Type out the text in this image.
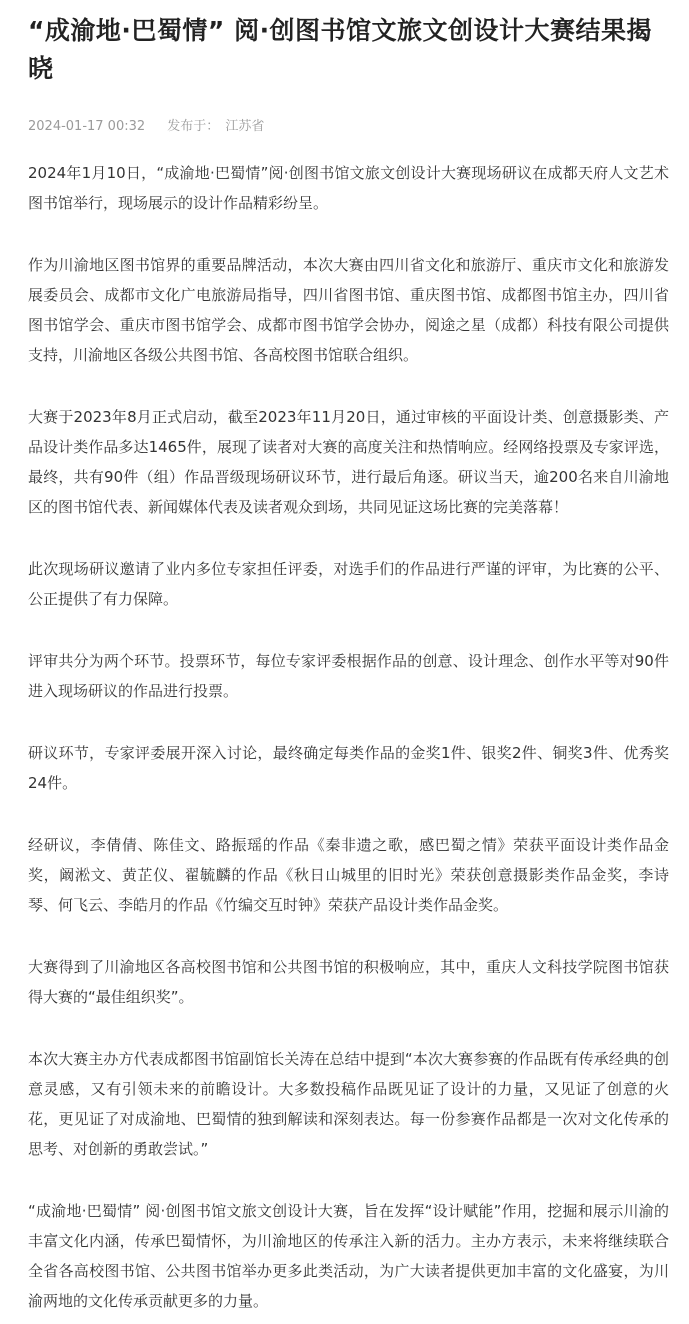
“成渝地·巴蜀情” 阅·创图书馆文旅文创设计大赛结果揭晓
2024-01-17 00:32 发布于： 江苏省

2024年1月10日，“成渝地·巴蜀情”阅·创图书馆文旅文创设计大赛现场研议在成都天府人文艺术图书馆举行，现场展示的设计作品精彩纷呈。

作为川渝地区图书馆界的重要品牌活动，本次大赛由四川省文化和旅游厅、重庆市文化和旅游发展委员会、成都市文化广电旅游局指导，四川省图书馆、重庆图书馆、成都图书馆主办，四川省图书馆学会、重庆市图书馆学会、成都市图书馆学会协办，阅途之星（成都）科技有限公司提供支持，川渝地区各级公共图书馆、各高校图书馆联合组织。

大赛于2023年8月正式启动，截至2023年11月20日，通过审核的平面设计类、创意摄影类、产品设计类作品多达1465件，展现了读者对大赛的高度关注和热情响应。经网络投票及专家评选，最终，共有90件（组）作品晋级现场研议环节，进行最后角逐。研议当天，逾200名来自川渝地区的图书馆代表、新闻媒体代表及读者观众到场，共同见证这场比赛的完美落幕！

此次现场研议邀请了业内多位专家担任评委，对选手们的作品进行严谨的评审，为比赛的公平、公正提供了有力保障。

评审共分为两个环节。投票环节，每位专家评委根据作品的创意、设计理念、创作水平等对90件进入现场研议的作品进行投票。

研议环节，专家评委展开深入讨论，最终确定每类作品的金奖1件、银奖2件、铜奖3件、优秀奖24件。

经研议，李倩倩、陈佳文、路振瑶的作品《秦非遗之歌，感巴蜀之情》荣获平面设计类作品金奖，阚淞文、黄芷仪、翟毓麟的作品《秋日山城里的旧时光》荣获创意摄影类作品金奖，李诗琴、何飞云、李皓月的作品《竹编交互时钟》荣获产品设计类作品金奖。

大赛得到了川渝地区各高校图书馆和公共图书馆的积极响应，其中，重庆人文科技学院图书馆获得大赛的“最佳组织奖”。

本次大赛主办方代表成都图书馆副馆长关涛在总结中提到“本次大赛参赛的作品既有传承经典的创意灵感，又有引领未来的前瞻设计。大多数投稿作品既见证了设计的力量，又见证了创意的火花，更见证了对成渝地、巴蜀情的独到解读和深刻表达。每一份参赛作品都是一次对文化传承的思考、对创新的勇敢尝试。”

“成渝地·巴蜀情” 阅·创图书馆文旅文创设计大赛，旨在发挥“设计赋能”作用，挖掘和展示川渝的丰富文化内涵，传承巴蜀情怀，为川渝地区的传承注入新的活力。主办方表示，未来将继续联合全省各高校图书馆、公共图书馆举办更多此类活动，为广大读者提供更加丰富的文化盛宴，为川渝两地的文化传承贡献更多的力量。
